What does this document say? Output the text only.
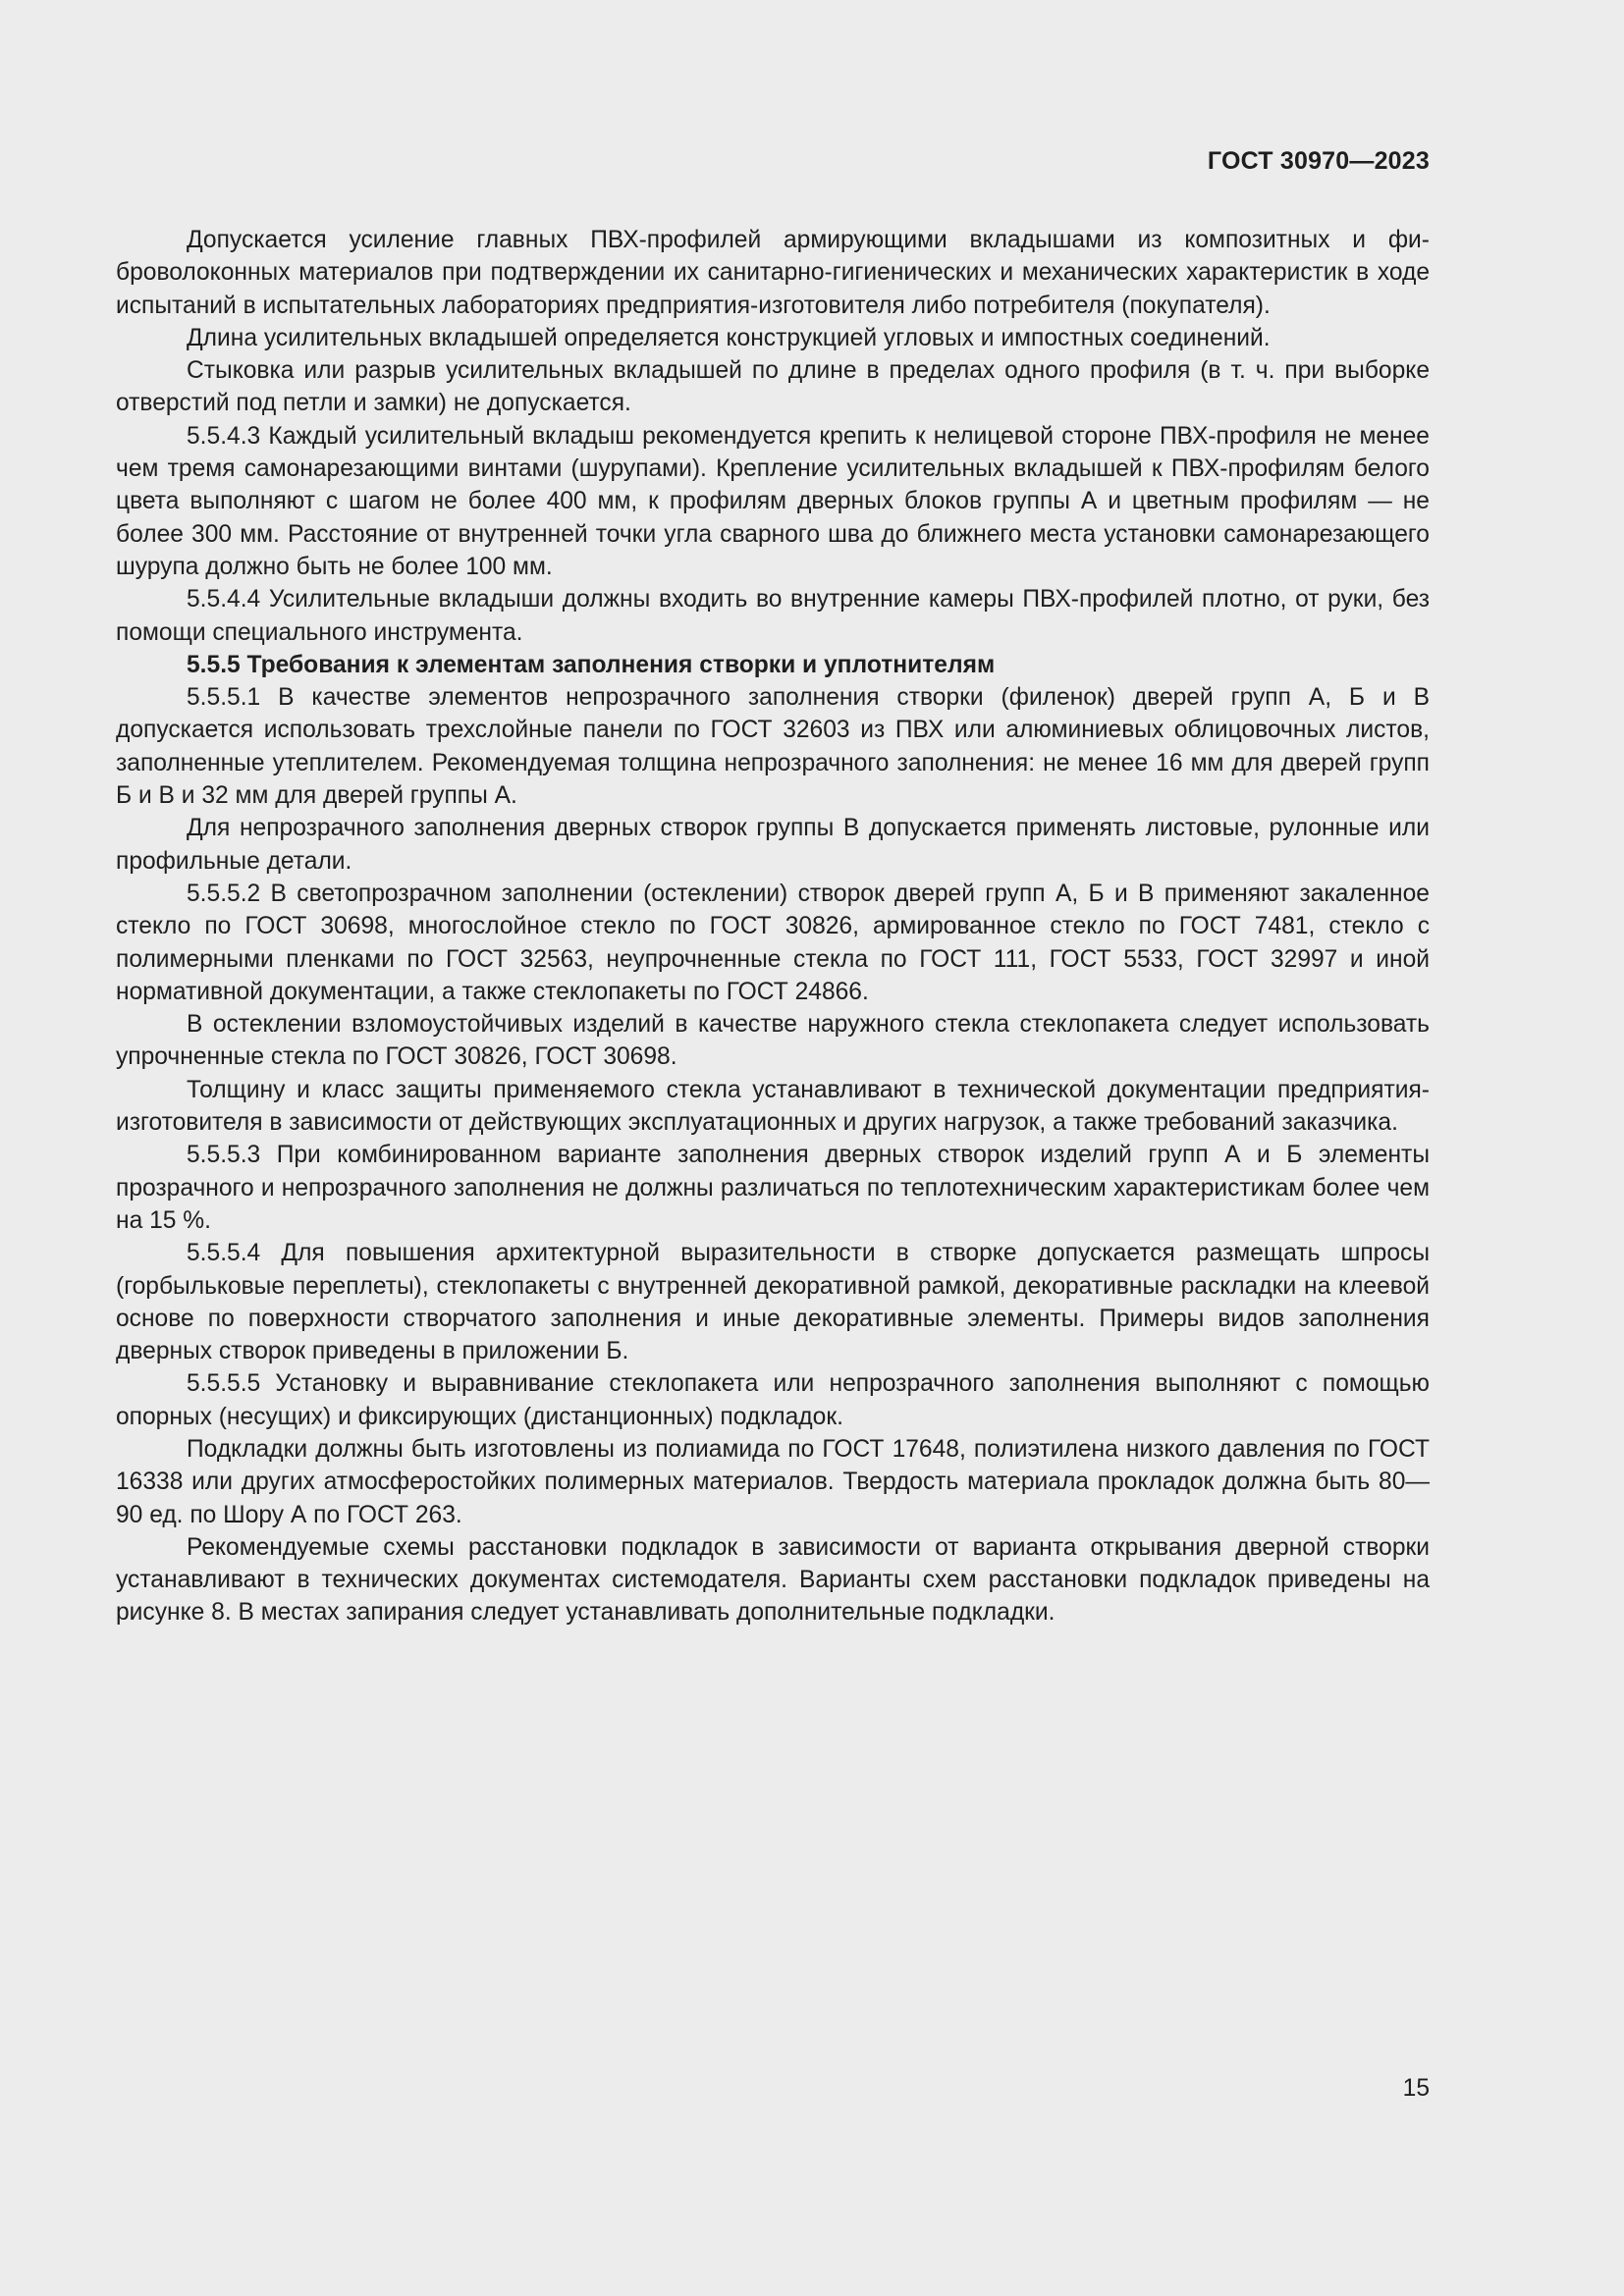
ГОСТ 30970—2023

Допускается усиление главных ПВХ-профилей армирующими вкладышами из композитных и фиброволоконных материалов при подтверждении их санитарно-гигиенических и механических характеристик в ходе испытаний в испытательных лабораториях предприятия-изготовителя либо потребителя (покупателя).

Длина усилительных вкладышей определяется конструкцией угловых и импостных соединений.

Стыковка или разрыв усилительных вкладышей по длине в пределах одного профиля (в т. ч. при выборке отверстий под петли и замки) не допускается.

5.5.4.3 Каждый усилительный вкладыш рекомендуется крепить к нелицевой стороне ПВХ-профиля не менее чем тремя самонарезающими винтами (шурупами). Крепление усилительных вкладышей к ПВХ-профилям белого цвета выполняют с шагом не более 400 мм, к профилям дверных блоков группы А и цветным профилям — не более 300 мм. Расстояние от внутренней точки угла сварного шва до ближнего места установки самонарезающего шурупа должно быть не более 100 мм.

5.5.4.4 Усилительные вкладыши должны входить во внутренние камеры ПВХ-профилей плотно, от руки, без помощи специального инструмента.

5.5.5 Требования к элементам заполнения створки и уплотнителям

5.5.5.1 В качестве элементов непрозрачного заполнения створки (филенок) дверей групп А, Б и В допускается использовать трехслойные панели по ГОСТ 32603 из ПВХ или алюминиевых облицовочных листов, заполненные утеплителем. Рекомендуемая толщина непрозрачного заполнения: не менее 16 мм для дверей групп Б и В и 32 мм для дверей группы А.

Для непрозрачного заполнения дверных створок группы В допускается применять листовые, рулонные или профильные детали.

5.5.5.2 В светопрозрачном заполнении (остеклении) створок дверей групп А, Б и В применяют закаленное стекло по ГОСТ 30698, многослойное стекло по ГОСТ 30826, армированное стекло по ГОСТ 7481, стекло с полимерными пленками по ГОСТ 32563, неупрочненные стекла по ГОСТ 111, ГОСТ 5533, ГОСТ 32997 и иной нормативной документации, а также стеклопакеты по ГОСТ 24866.

В остеклении взломоустойчивых изделий в качестве наружного стекла стеклопакета следует использовать упрочненные стекла по ГОСТ 30826, ГОСТ 30698.

Толщину и класс защиты применяемого стекла устанавливают в технической документации предприятия-изготовителя в зависимости от действующих эксплуатационных и других нагрузок, а также требований заказчика.

5.5.5.3 При комбинированном варианте заполнения дверных створок изделий групп А и Б элементы прозрачного и непрозрачного заполнения не должны различаться по теплотехническим характеристикам более чем на 15 %.

5.5.5.4 Для повышения архитектурной выразительности в створке допускается размещать шпросы (горбыльковые переплеты), стеклопакеты с внутренней декоративной рамкой, декоративные раскладки на клеевой основе по поверхности створчатого заполнения и иные декоративные элементы. Примеры видов заполнения дверных створок приведены в приложении Б.

5.5.5.5 Установку и выравнивание стеклопакета или непрозрачного заполнения выполняют с помощью опорных (несущих) и фиксирующих (дистанционных) подкладок.

Подкладки должны быть изготовлены из полиамида по ГОСТ 17648, полиэтилена низкого давления по ГОСТ 16338 или других атмосферостойких полимерных материалов. Твердость материала прокладок должна быть 80—90 ед. по Шору А по ГОСТ 263.

Рекомендуемые схемы расстановки подкладок в зависимости от варианта открывания дверной створки устанавливают в технических документах системодателя. Варианты схем расстановки подкладок приведены на рисунке 8. В местах запирания следует устанавливать дополнительные подкладки.

15
